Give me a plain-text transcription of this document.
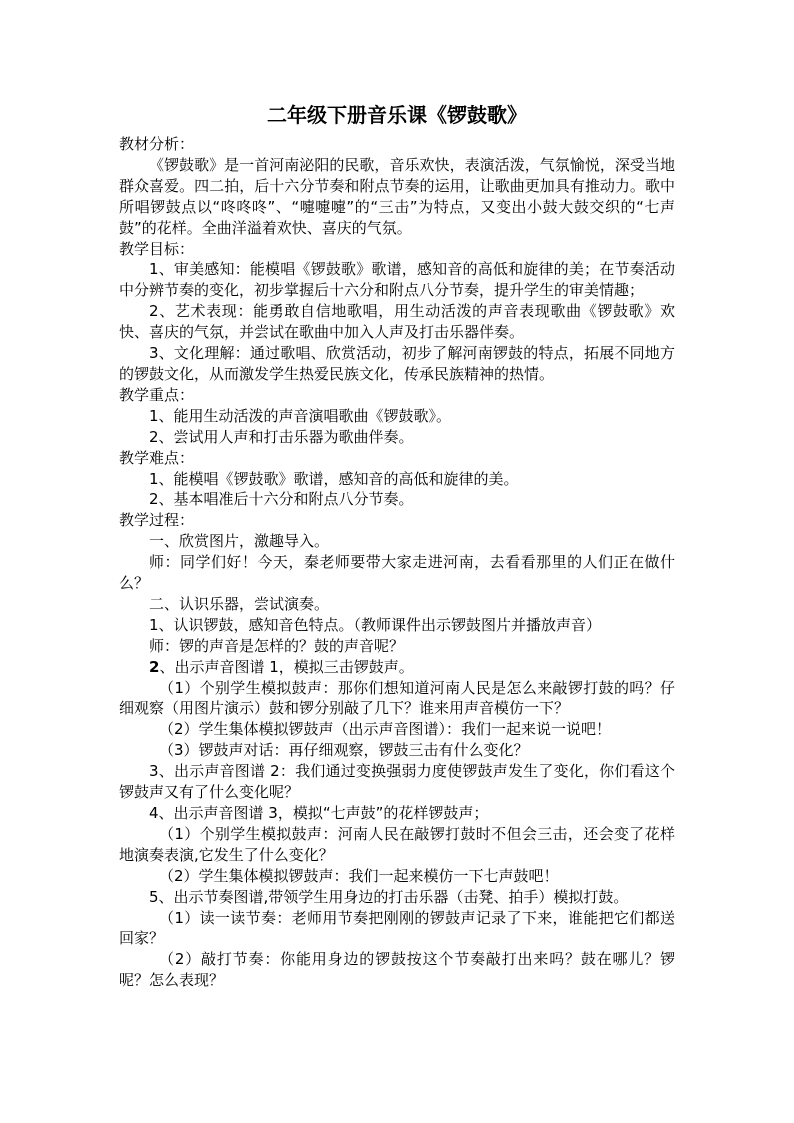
二年级下册音乐课《锣鼓歌》

教材分析：

《锣鼓歌》是一首河南泌阳的民歌，音乐欢快，表演活泼，气氛愉悦，深受当地群众喜爱。四二拍，后十六分节奏和附点节奏的运用，让歌曲更加具有推动力。歌中所唱锣鼓点以“咚咚咚”、“嚏嚏嚏”的“三击”为特点，又变出小鼓大鼓交织的“七声鼓”的花样。全曲洋溢着欢快、喜庆的气氛。

教学目标：

1、审美感知：能模唱《锣鼓歌》歌谱，感知音的高低和旋律的美；在节奏活动中分辨节奏的变化，初步掌握后十六分和附点八分节奏，提升学生的审美情趣；

2、艺术表现：能勇敢自信地歌唱，用生动活泼的声音表现歌曲《锣鼓歌》欢快、喜庆的气氛，并尝试在歌曲中加入人声及打击乐器伴奏。

3、文化理解：通过歌唱、欣赏活动，初步了解河南锣鼓的特点，拓展不同地方的锣鼓文化，从而激发学生热爱民族文化，传承民族精神的热情。

教学重点：

1、能用生动活泼的声音演唱歌曲《锣鼓歌》。

2、尝试用人声和打击乐器为歌曲伴奏。

教学难点：

1、能模唱《锣鼓歌》歌谱，感知音的高低和旋律的美。

2、基本唱准后十六分和附点八分节奏。

教学过程：

一、欣赏图片，激趣导入。

师：同学们好！今天，秦老师要带大家走进河南，去看看那里的人们正在做什么？

二、认识乐器，尝试演奏。

1、认识锣鼓，感知音色特点。（教师课件出示锣鼓图片并播放声音）

师：锣的声音是怎样的？鼓的声音呢？

2、出示声音图谱 1，模拟三击锣鼓声。

（1）个别学生模拟鼓声：那你们想知道河南人民是怎么来敲锣打鼓的吗？仔细观察（用图片演示）鼓和锣分别敲了几下？谁来用声音模仿一下？

（2）学生集体模拟锣鼓声（出示声音图谱）：我们一起来说一说吧！

（3）锣鼓声对话：再仔细观察，锣鼓三击有什么变化？

3、出示声音图谱 2：我们通过变换强弱力度使锣鼓声发生了变化，你们看这个锣鼓声又有了什么变化呢？

4、出示声音图谱 3，模拟“七声鼓”的花样锣鼓声；

（1）个别学生模拟鼓声：河南人民在敲锣打鼓时不但会三击，还会变了花样地演奏表演,它发生了什么变化？

（2）学生集体模拟锣鼓声：我们一起来模仿一下七声鼓吧！

5、出示节奏图谱,带领学生用身边的打击乐器（击凳、拍手）模拟打鼓。

（1）读一读节奏：老师用节奏把刚刚的锣鼓声记录了下来，谁能把它们都送回家？

（2）敲打节奏：你能用身边的锣鼓按这个节奏敲打出来吗？鼓在哪儿？锣呢？怎么表现？
